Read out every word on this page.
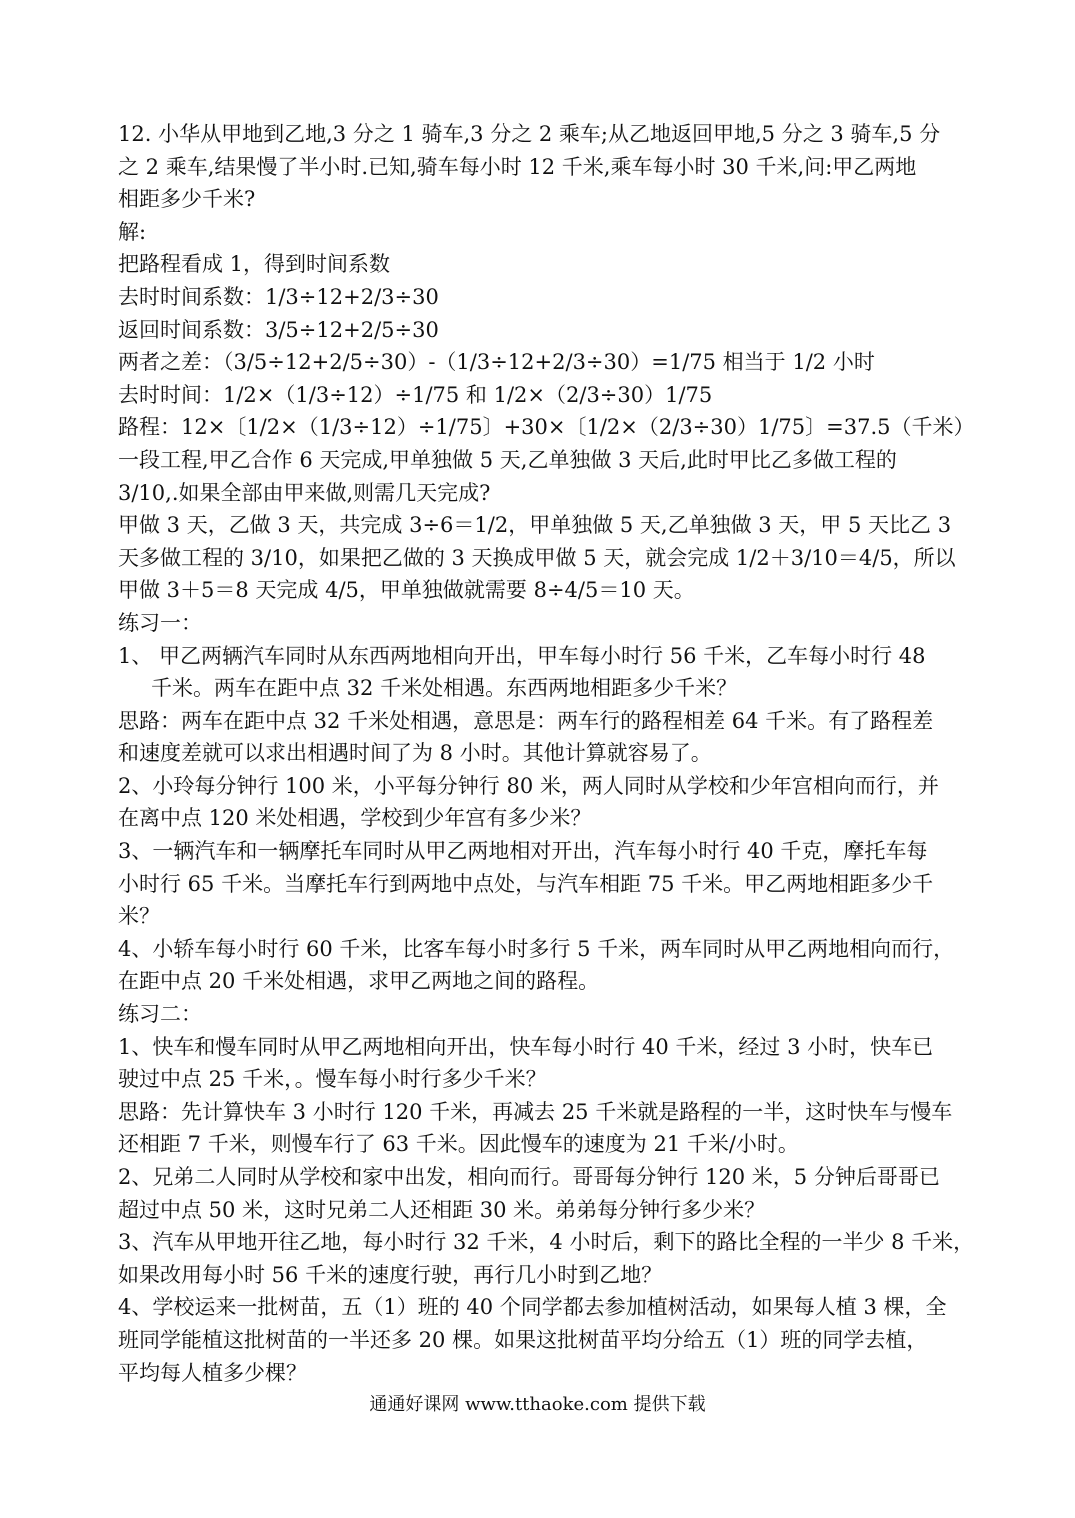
12. 小华从甲地到乙地,3 分之 1 骑车,3 分之 2 乘车;从乙地返回甲地,5 分之 3 骑车,5 分
之 2 乘车,结果慢了半小时.已知,骑车每小时 12 千米,乘车每小时 30 千米,问:甲乙两地
相距多少千米?
解:
把路程看成 1，得到时间系数
去时时间系数：1/3÷12+2/3÷30
返回时间系数：3/5÷12+2/5÷30
两者之差：（3/5÷12+2/5÷30）-（1/3÷12+2/3÷30）=1/75 相当于 1/2 小时
去时时间：1/2×（1/3÷12）÷1/75 和 1/2×（2/3÷30）1/75
路程：12×〔1/2×（1/3÷12）÷1/75〕+30×〔1/2×（2/3÷30）1/75〕=37.5（千米）
一段工程,甲乙合作 6 天完成,甲单独做 5 天,乙单独做 3 天后,此时甲比乙多做工程的
3/10,.如果全部由甲来做,则需几天完成?
甲做 3 天，乙做 3 天，共完成 3÷6＝1/2，甲单独做 5 天,乙单独做 3 天，甲 5 天比乙 3
天多做工程的 3/10，如果把乙做的 3 天换成甲做 5 天，就会完成 1/2＋3/10＝4/5，所以
甲做 3＋5＝8 天完成 4/5，甲单独做就需要 8÷4/5＝10 天。
练习一：
1、 甲乙两辆汽车同时从东西两地相向开出，甲车每小时行 56 千米，乙车每小时行 48
千米。两车在距中点 32 千米处相遇。东西两地相距多少千米？
思路：两车在距中点 32 千米处相遇，意思是：两车行的路程相差 64 千米。有了路程差
和速度差就可以求出相遇时间了为 8 小时。其他计算就容易了。
2、小玲每分钟行 100 米，小平每分钟行 80 米，两人同时从学校和少年宫相向而行，并
在离中点 120 米处相遇，学校到少年宫有多少米？
3、一辆汽车和一辆摩托车同时从甲乙两地相对开出，汽车每小时行 40 千克，摩托车每
小时行 65 千米。当摩托车行到两地中点处，与汽车相距 75 千米。甲乙两地相距多少千
米？
4、小轿车每小时行 60 千米，比客车每小时多行 5 千米，两车同时从甲乙两地相向而行，
在距中点 20 千米处相遇，求甲乙两地之间的路程。
练习二：
1、快车和慢车同时从甲乙两地相向开出，快车每小时行 40 千米，经过 3 小时，快车已
驶过中点 25 千米，。慢车每小时行多少千米？
思路：先计算快车 3 小时行 120 千米，再减去 25 千米就是路程的一半，这时快车与慢车
还相距 7 千米，则慢车行了 63 千米。因此慢车的速度为 21 千米/小时。
2、兄弟二人同时从学校和家中出发，相向而行。哥哥每分钟行 120 米，5 分钟后哥哥已
超过中点 50 米，这时兄弟二人还相距 30 米。弟弟每分钟行多少米？
3、汽车从甲地开往乙地，每小时行 32 千米，4 小时后，剩下的路比全程的一半少 8 千米，
如果改用每小时 56 千米的速度行驶，再行几小时到乙地？
4、学校运来一批树苗，五（1）班的 40 个同学都去参加植树活动，如果每人植 3 棵，全
班同学能植这批树苗的一半还多 20 棵。如果这批树苗平均分给五（1）班的同学去植，
平均每人植多少棵？
通通好课网 www.tthaoke.com 提供下载
